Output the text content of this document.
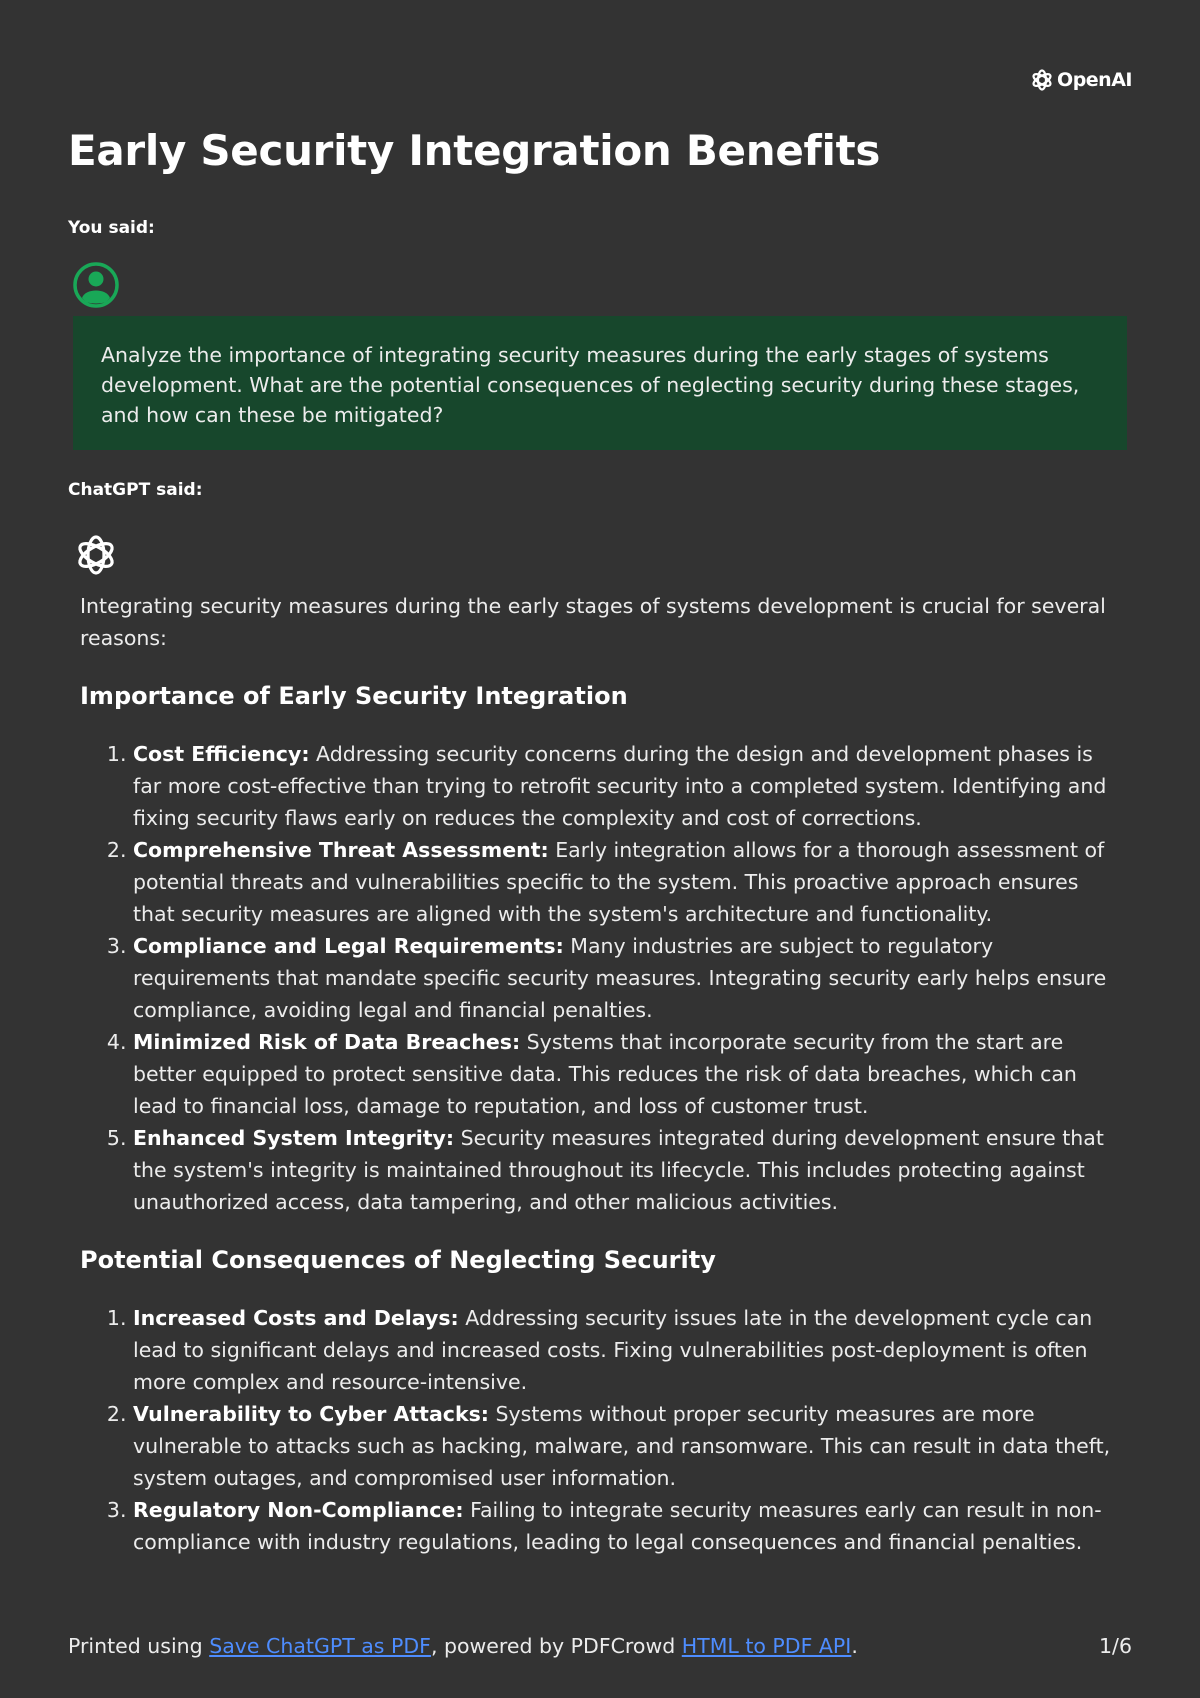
OpenAI
Early Security Integration Benefits
You said:
Analyze the importance of integrating security measures during the early stages of systems development. What are the potential consequences of neglecting security during these stages, and how can these be mitigated?
ChatGPT said:

Integrating security measures during the early stages of systems development is crucial for several reasons:

Importance of Early Security Integration
1. Cost Efficiency: Addressing security concerns during the design and development phases is far more cost-effective than trying to retrofit security into a completed system. Identifying and fixing security flaws early on reduces the complexity and cost of corrections.
2. Comprehensive Threat Assessment: Early integration allows for a thorough assessment of potential threats and vulnerabilities specific to the system. This proactive approach ensures that security measures are aligned with the system's architecture and functionality.
3. Compliance and Legal Requirements: Many industries are subject to regulatory requirements that mandate specific security measures. Integrating security early helps ensure compliance, avoiding legal and financial penalties.
4. Minimized Risk of Data Breaches: Systems that incorporate security from the start are better equipped to protect sensitive data. This reduces the risk of data breaches, which can lead to financial loss, damage to reputation, and loss of customer trust.
5. Enhanced System Integrity: Security measures integrated during development ensure that the system's integrity is maintained throughout its lifecycle. This includes protecting against unauthorized access, data tampering, and other malicious activities.
Potential Consequences of Neglecting Security
1. Increased Costs and Delays: Addressing security issues late in the development cycle can lead to significant delays and increased costs. Fixing vulnerabilities post-deployment is often more complex and resource-intensive.
2. Vulnerability to Cyber Attacks: Systems without proper security measures are more vulnerable to attacks such as hacking, malware, and ransomware. This can result in data theft, system outages, and compromised user information.
3. Regulatory Non-Compliance: Failing to integrate security measures early can result in non-compliance with industry regulations, leading to legal consequences and financial penalties.
Printed using Save ChatGPT as PDF, powered by PDFCrowd HTML to PDF API.	1/6
